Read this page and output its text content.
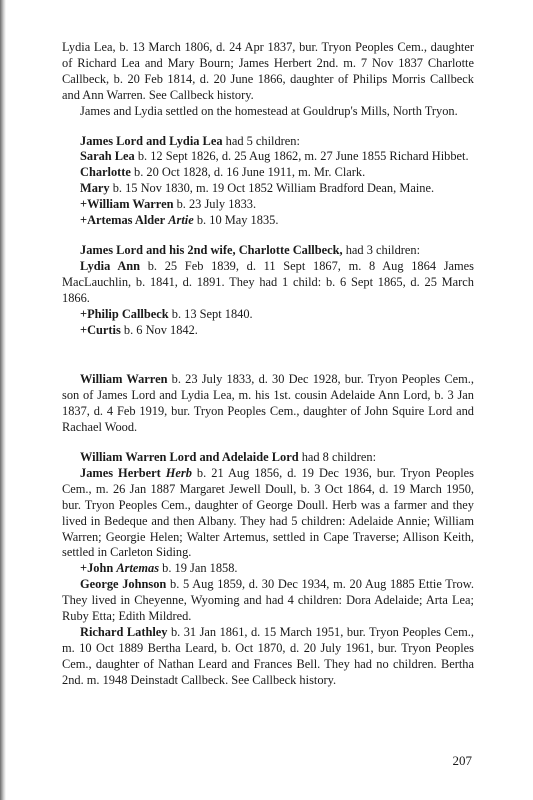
Lydia Lea, b. 13 March 1806, d. 24 Apr 1837, bur. Tryon Peoples Cem., daughter of Richard Lea and Mary Bourn; James Herbert 2nd. m. 7 Nov 1837 Charlotte Callbeck, b. 20 Feb 1814, d. 20 June 1866, daughter of Philips Morris Callbeck and Ann Warren. See Callbeck history.

James and Lydia settled on the homestead at Gouldrup's Mills, North Tryon.

James Lord and Lydia Lea had 5 children:

Sarah Lea b. 12 Sept 1826, d. 25 Aug 1862, m. 27 June 1855 Richard Hibbet.

Charlotte b. 20 Oct 1828, d. 16 June 1911, m. Mr. Clark.

Mary b. 15 Nov 1830, m. 19 Oct 1852 William Bradford Dean, Maine.

+William Warren b. 23 July 1833.

+Artemas Alder Artie b. 10 May 1835.

James Lord and his 2nd wife, Charlotte Callbeck, had 3 children:

Lydia Ann b. 25 Feb 1839, d. 11 Sept 1867, m. 8 Aug 1864 James MacLauchlin, b. 1841, d. 1891. They had 1 child: b. 6 Sept 1865, d. 25 March 1866.

+Philip Callbeck b. 13 Sept 1840.

+Curtis b. 6 Nov 1842.

William Warren b. 23 July 1833, d. 30 Dec 1928, bur. Tryon Peoples Cem., son of James Lord and Lydia Lea, m. his 1st. cousin Adelaide Ann Lord, b. 3 Jan 1837, d. 4 Feb 1919, bur. Tryon Peoples Cem., daughter of John Squire Lord and Rachael Wood.

William Warren Lord and Adelaide Lord had 8 children:

James Herbert Herb b. 21 Aug 1856, d. 19 Dec 1936, bur. Tryon Peoples Cem., m. 26 Jan 1887 Margaret Jewell Doull, b. 3 Oct 1864, d. 19 March 1950, bur. Tryon Peoples Cem., daughter of George Doull. Herb was a farmer and they lived in Bedeque and then Albany. They had 5 children: Adelaide Annie; William Warren; Georgie Helen; Walter Artemus, settled in Cape Traverse; Allison Keith, settled in Carleton Siding.

+John Artemas b. 19 Jan 1858.

George Johnson b. 5 Aug 1859, d. 30 Dec 1934, m. 20 Aug 1885 Ettie Trow. They lived in Cheyenne, Wyoming and had 4 children: Dora Adelaide; Arta Lea; Ruby Etta; Edith Mildred.

Richard Lathley b. 31 Jan 1861, d. 15 March 1951, bur. Tryon Peoples Cem., m. 10 Oct 1889 Bertha Leard, b. Oct 1870, d. 20 July 1961, bur. Tryon Peoples Cem., daughter of Nathan Leard and Frances Bell. They had no children. Bertha 2nd. m. 1948 Deinstadt Callbeck. See Callbeck history.

207
